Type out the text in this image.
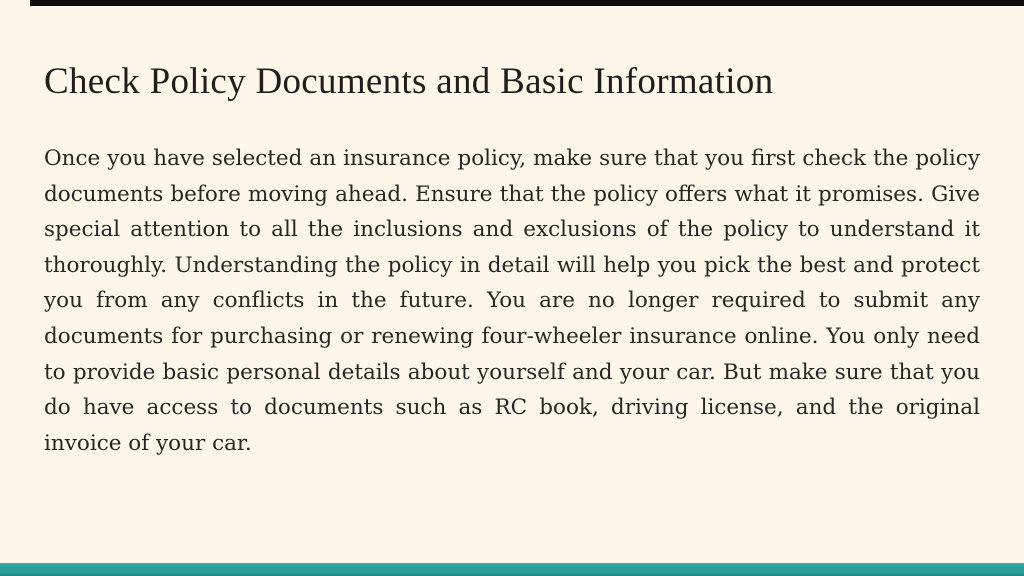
Check Policy Documents and Basic Information
Once you have selected an insurance policy, make sure that you first check the policy
documents before moving ahead. Ensure that the policy offers what it promises. Give
special attention to all the inclusions and exclusions of the policy to understand it
thoroughly. Understanding the policy in detail will help you pick the best and protect
you from any conflicts in the future. You are no longer required to submit any
documents for purchasing or renewing four-wheeler insurance online. You only need
to provide basic personal details about yourself and your car. But make sure that you
do have access to documents such as RC book, driving license, and the original
invoice of your car.
